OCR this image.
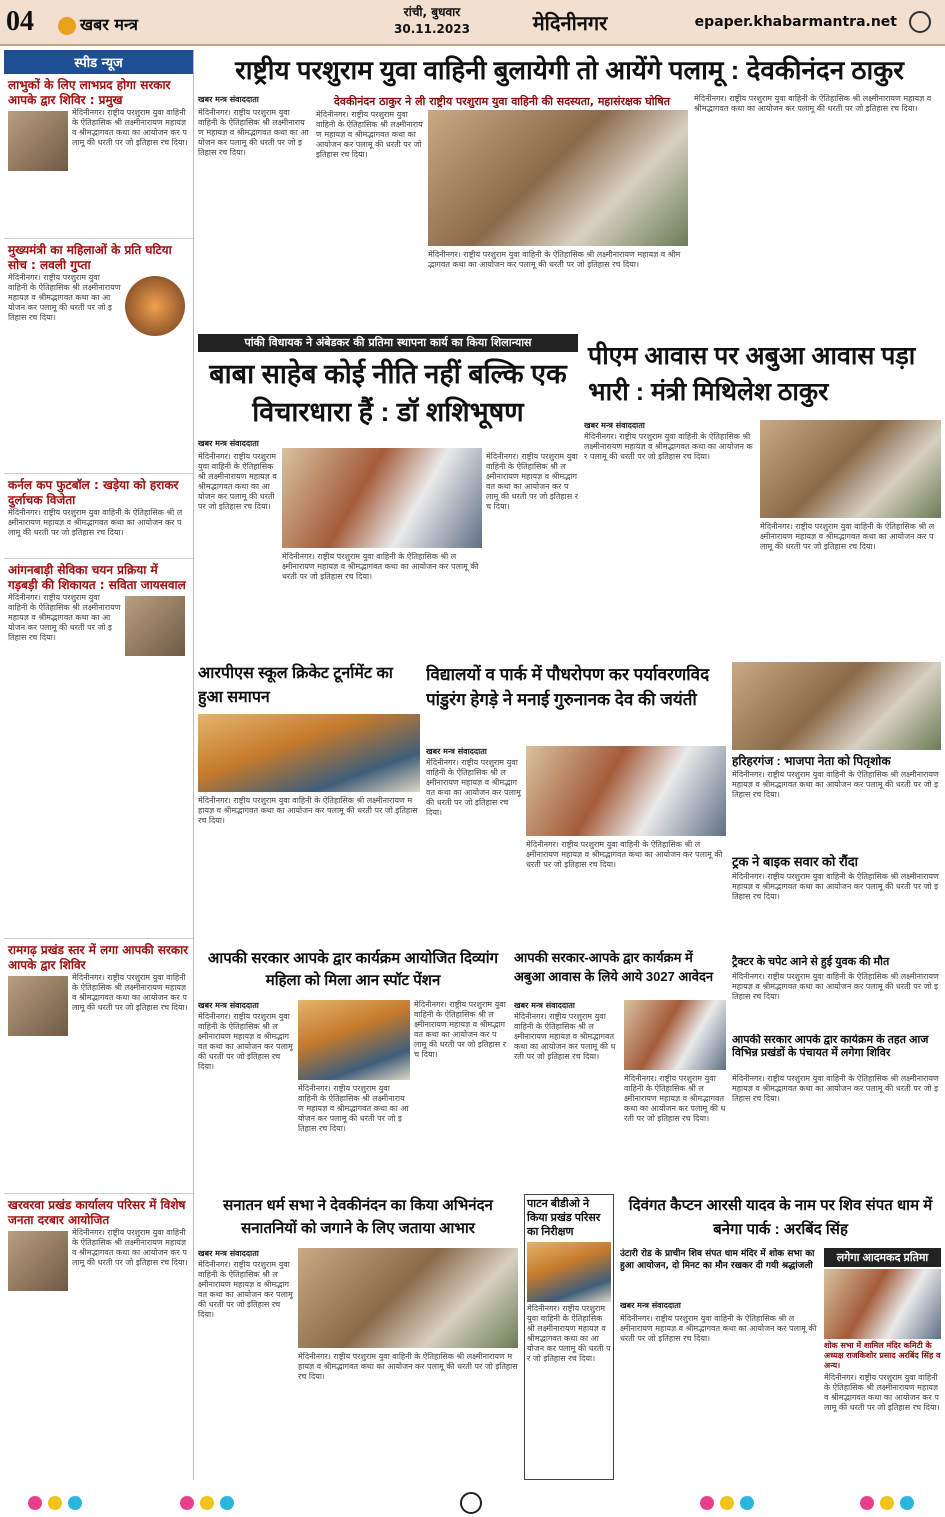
04	खबर मन्त्र
रांची, बुधवार
30.11.2023	मेदिनीनगर	epaper.khabarmantra.net
स्पीड न्यूज
लाभुकों के लिए लाभप्रद होगा सरकार आपके द्वार शिविर : प्रमुख
मेदिनीनगर। राष्ट्रीय परशुराम युवा वाहिनी के ऐतिहासिक श्री लक्ष्मीनारायण महायज्ञ व श्रीमद्भागवत कथा का आयोजन कर पलामू की धरती पर जो इतिहास रच दिया।
मुख्यमंत्री का महिलाओं के प्रति घटिया सोच : लवली गुप्ता
मेदिनीनगर। राष्ट्रीय परशुराम युवा वाहिनी के ऐतिहासिक श्री लक्ष्मीनारायण महायज्ञ व श्रीमद्भागवत कथा का आयोजन कर पलामू की धरती पर जो इतिहास रच दिया।
कर्नल कप फुटबॉल : खड़ेया को हराकर दुर्लाचक विजेता
मेदिनीनगर। राष्ट्रीय परशुराम युवा वाहिनी के ऐतिहासिक श्री लक्ष्मीनारायण महायज्ञ व श्रीमद्भागवत कथा का आयोजन कर पलामू की धरती पर जो इतिहास रच दिया।
आंगनबाड़ी सेविका चयन प्रक्रिया में गड़बड़ी की शिकायत : सविता जायसवाल
मेदिनीनगर। राष्ट्रीय परशुराम युवा वाहिनी के ऐतिहासिक श्री लक्ष्मीनारायण महायज्ञ व श्रीमद्भागवत कथा का आयोजन कर पलामू की धरती पर जो इतिहास रच दिया।
रामगढ़ प्रखंड स्तर में लगा आपकी सरकार आपके द्वार शिविर
मेदिनीनगर। राष्ट्रीय परशुराम युवा वाहिनी के ऐतिहासिक श्री लक्ष्मीनारायण महायज्ञ व श्रीमद्भागवत कथा का आयोजन कर पलामू की धरती पर जो इतिहास रच दिया।
खरवरवा प्रखंड कार्यालय परिसर में विशेष जनता दरबार आयोजित
मेदिनीनगर। राष्ट्रीय परशुराम युवा वाहिनी के ऐतिहासिक श्री लक्ष्मीनारायण महायज्ञ व श्रीमद्भागवत कथा का आयोजन कर पलामू की धरती पर जो इतिहास रच दिया।
राष्ट्रीय परशुराम युवा वाहिनी बुलायेगी तो आयेंगे पलामू : देवकीनंदन ठाकुर
खबर मन्त्र संवाददाता
मेदिनीनगर। राष्ट्रीय परशुराम युवा वाहिनी के ऐतिहासिक श्री लक्ष्मीनारायण महायज्ञ व श्रीमद्भागवत कथा का आयोजन कर पलामू की धरती पर जो इतिहास रच दिया।
देवकीनंदन ठाकुर ने ली राष्ट्रीय परशुराम युवा वाहिनी की सदस्यता, महासंरक्षक घोषित
मेदिनीनगर। राष्ट्रीय परशुराम युवा वाहिनी के ऐतिहासिक श्री लक्ष्मीनारायण महायज्ञ व श्रीमद्भागवत कथा का आयोजन कर पलामू की धरती पर जो इतिहास रच दिया।
मेदिनीनगर। राष्ट्रीय परशुराम युवा वाहिनी के ऐतिहासिक श्री लक्ष्मीनारायण महायज्ञ व श्रीमद्भागवत कथा का आयोजन कर पलामू की धरती पर जो इतिहास रच दिया।
मेदिनीनगर। राष्ट्रीय परशुराम युवा वाहिनी के ऐतिहासिक श्री लक्ष्मीनारायण महायज्ञ व श्रीमद्भागवत कथा का आयोजन कर पलामू की धरती पर जो इतिहास रच दिया।
पांकी विधायक ने अंबेडकर की प्रतिमा स्थापना कार्य का किया शिलान्यास
बाबा साहेब कोई नीति नहीं बल्कि एक विचारधारा हैं : डॉ शशिभूषण
खबर मन्त्र संवाददाता
मेदिनीनगर। राष्ट्रीय परशुराम युवा वाहिनी के ऐतिहासिक श्री लक्ष्मीनारायण महायज्ञ व श्रीमद्भागवत कथा का आयोजन कर पलामू की धरती पर जो इतिहास रच दिया।
मेदिनीनगर। राष्ट्रीय परशुराम युवा वाहिनी के ऐतिहासिक श्री लक्ष्मीनारायण महायज्ञ व श्रीमद्भागवत कथा का आयोजन कर पलामू की धरती पर जो इतिहास रच दिया।
मेदिनीनगर। राष्ट्रीय परशुराम युवा वाहिनी के ऐतिहासिक श्री लक्ष्मीनारायण महायज्ञ व श्रीमद्भागवत कथा का आयोजन कर पलामू की धरती पर जो इतिहास रच दिया।
पीएम आवास पर अबुआ आवास पड़ा भारी : मंत्री मिथिलेश ठाकुर
खबर मन्त्र संवाददाता
मेदिनीनगर। राष्ट्रीय परशुराम युवा वाहिनी के ऐतिहासिक श्री लक्ष्मीनारायण महायज्ञ व श्रीमद्भागवत कथा का आयोजन कर पलामू की धरती पर जो इतिहास रच दिया।
मेदिनीनगर। राष्ट्रीय परशुराम युवा वाहिनी के ऐतिहासिक श्री लक्ष्मीनारायण महायज्ञ व श्रीमद्भागवत कथा का आयोजन कर पलामू की धरती पर जो इतिहास रच दिया।
आरपीएस स्कूल क्रिकेट टूर्नामेंट का हुआ समापन
मेदिनीनगर। राष्ट्रीय परशुराम युवा वाहिनी के ऐतिहासिक श्री लक्ष्मीनारायण महायज्ञ व श्रीमद्भागवत कथा का आयोजन कर पलामू की धरती पर जो इतिहास रच दिया।
विद्यालयों व पार्क में पौधरोपण कर पर्यावरणविद पांडुरंग हेगड़े ने मनाई गुरुनानक देव की जयंती
खबर मन्त्र संवाददाता
मेदिनीनगर। राष्ट्रीय परशुराम युवा वाहिनी के ऐतिहासिक श्री लक्ष्मीनारायण महायज्ञ व श्रीमद्भागवत कथा का आयोजन कर पलामू की धरती पर जो इतिहास रच दिया।
मेदिनीनगर। राष्ट्रीय परशुराम युवा वाहिनी के ऐतिहासिक श्री लक्ष्मीनारायण महायज्ञ व श्रीमद्भागवत कथा का आयोजन कर पलामू की धरती पर जो इतिहास रच दिया।
हरिहरगंज : भाजपा नेता को पितृशोक
मेदिनीनगर। राष्ट्रीय परशुराम युवा वाहिनी के ऐतिहासिक श्री लक्ष्मीनारायण महायज्ञ व श्रीमद्भागवत कथा का आयोजन कर पलामू की धरती पर जो इतिहास रच दिया।
ट्रक ने बाइक सवार को रौंदा
मेदिनीनगर। राष्ट्रीय परशुराम युवा वाहिनी के ऐतिहासिक श्री लक्ष्मीनारायण महायज्ञ व श्रीमद्भागवत कथा का आयोजन कर पलामू की धरती पर जो इतिहास रच दिया।
ट्रैक्टर के चपेट आने से हुई युवक की मौत
मेदिनीनगर। राष्ट्रीय परशुराम युवा वाहिनी के ऐतिहासिक श्री लक्ष्मीनारायण महायज्ञ व श्रीमद्भागवत कथा का आयोजन कर पलामू की धरती पर जो इतिहास रच दिया।
आपकी सरकार आपके द्वार कार्यक्रम के तहत आज विभिन्न प्रखंडों के पंचायत में लगेगा शिविर
मेदिनीनगर। राष्ट्रीय परशुराम युवा वाहिनी के ऐतिहासिक श्री लक्ष्मीनारायण महायज्ञ व श्रीमद्भागवत कथा का आयोजन कर पलामू की धरती पर जो इतिहास रच दिया।
आपकी सरकार आपके द्वार कार्यक्रम आयोजित दिव्यांग महिला को मिला आन स्पॉट पेंशन
खबर मन्त्र संवाददाता
मेदिनीनगर। राष्ट्रीय परशुराम युवा वाहिनी के ऐतिहासिक श्री लक्ष्मीनारायण महायज्ञ व श्रीमद्भागवत कथा का आयोजन कर पलामू की धरती पर जो इतिहास रच दिया।
मेदिनीनगर। राष्ट्रीय परशुराम युवा वाहिनी के ऐतिहासिक श्री लक्ष्मीनारायण महायज्ञ व श्रीमद्भागवत कथा का आयोजन कर पलामू की धरती पर जो इतिहास रच दिया।
मेदिनीनगर। राष्ट्रीय परशुराम युवा वाहिनी के ऐतिहासिक श्री लक्ष्मीनारायण महायज्ञ व श्रीमद्भागवत कथा का आयोजन कर पलामू की धरती पर जो इतिहास रच दिया।
आपकी सरकार-आपके द्वार कार्यक्रम में अबुआ आवास के लिये आये 3027 आवेदन
खबर मन्त्र संवाददाता
मेदिनीनगर। राष्ट्रीय परशुराम युवा वाहिनी के ऐतिहासिक श्री लक्ष्मीनारायण महायज्ञ व श्रीमद्भागवत कथा का आयोजन कर पलामू की धरती पर जो इतिहास रच दिया।
मेदिनीनगर। राष्ट्रीय परशुराम युवा वाहिनी के ऐतिहासिक श्री लक्ष्मीनारायण महायज्ञ व श्रीमद्भागवत कथा का आयोजन कर पलामू की धरती पर जो इतिहास रच दिया।
सनातन धर्म सभा ने देवकीनंदन का किया अभिनंदन सनातनियों को जगाने के लिए जताया आभार
खबर मन्त्र संवाददाता
मेदिनीनगर। राष्ट्रीय परशुराम युवा वाहिनी के ऐतिहासिक श्री लक्ष्मीनारायण महायज्ञ व श्रीमद्भागवत कथा का आयोजन कर पलामू की धरती पर जो इतिहास रच दिया।
मेदिनीनगर। राष्ट्रीय परशुराम युवा वाहिनी के ऐतिहासिक श्री लक्ष्मीनारायण महायज्ञ व श्रीमद्भागवत कथा का आयोजन कर पलामू की धरती पर जो इतिहास रच दिया।
पाटन बीडीओ ने किया प्रखंड परिसर का निरीक्षण
मेदिनीनगर। राष्ट्रीय परशुराम युवा वाहिनी के ऐतिहासिक श्री लक्ष्मीनारायण महायज्ञ व श्रीमद्भागवत कथा का आयोजन कर पलामू की धरती पर जो इतिहास रच दिया।
दिवंगत कैप्टन आरसी यादव के नाम पर शिव संपत धाम में बनेगा पार्क : अरबिंद सिंह
उंटारी रोड के प्राचीन शिव संपत धाम मंदिर में शोक सभा का हुआ आयोजन, दो मिनट का मौन रखकर दी गयी श्रद्धांजली
खबर मन्त्र संवाददाता
मेदिनीनगर। राष्ट्रीय परशुराम युवा वाहिनी के ऐतिहासिक श्री लक्ष्मीनारायण महायज्ञ व श्रीमद्भागवत कथा का आयोजन कर पलामू की धरती पर जो इतिहास रच दिया।
लगेगा आदमकद प्रतिमा
शोक सभा में शामिल मंदिर कमिटी के अध्यक्ष राजकिशोर प्रसाद अरबिंद सिंह व अन्य।
मेदिनीनगर। राष्ट्रीय परशुराम युवा वाहिनी के ऐतिहासिक श्री लक्ष्मीनारायण महायज्ञ व श्रीमद्भागवत कथा का आयोजन कर पलामू की धरती पर जो इतिहास रच दिया।
